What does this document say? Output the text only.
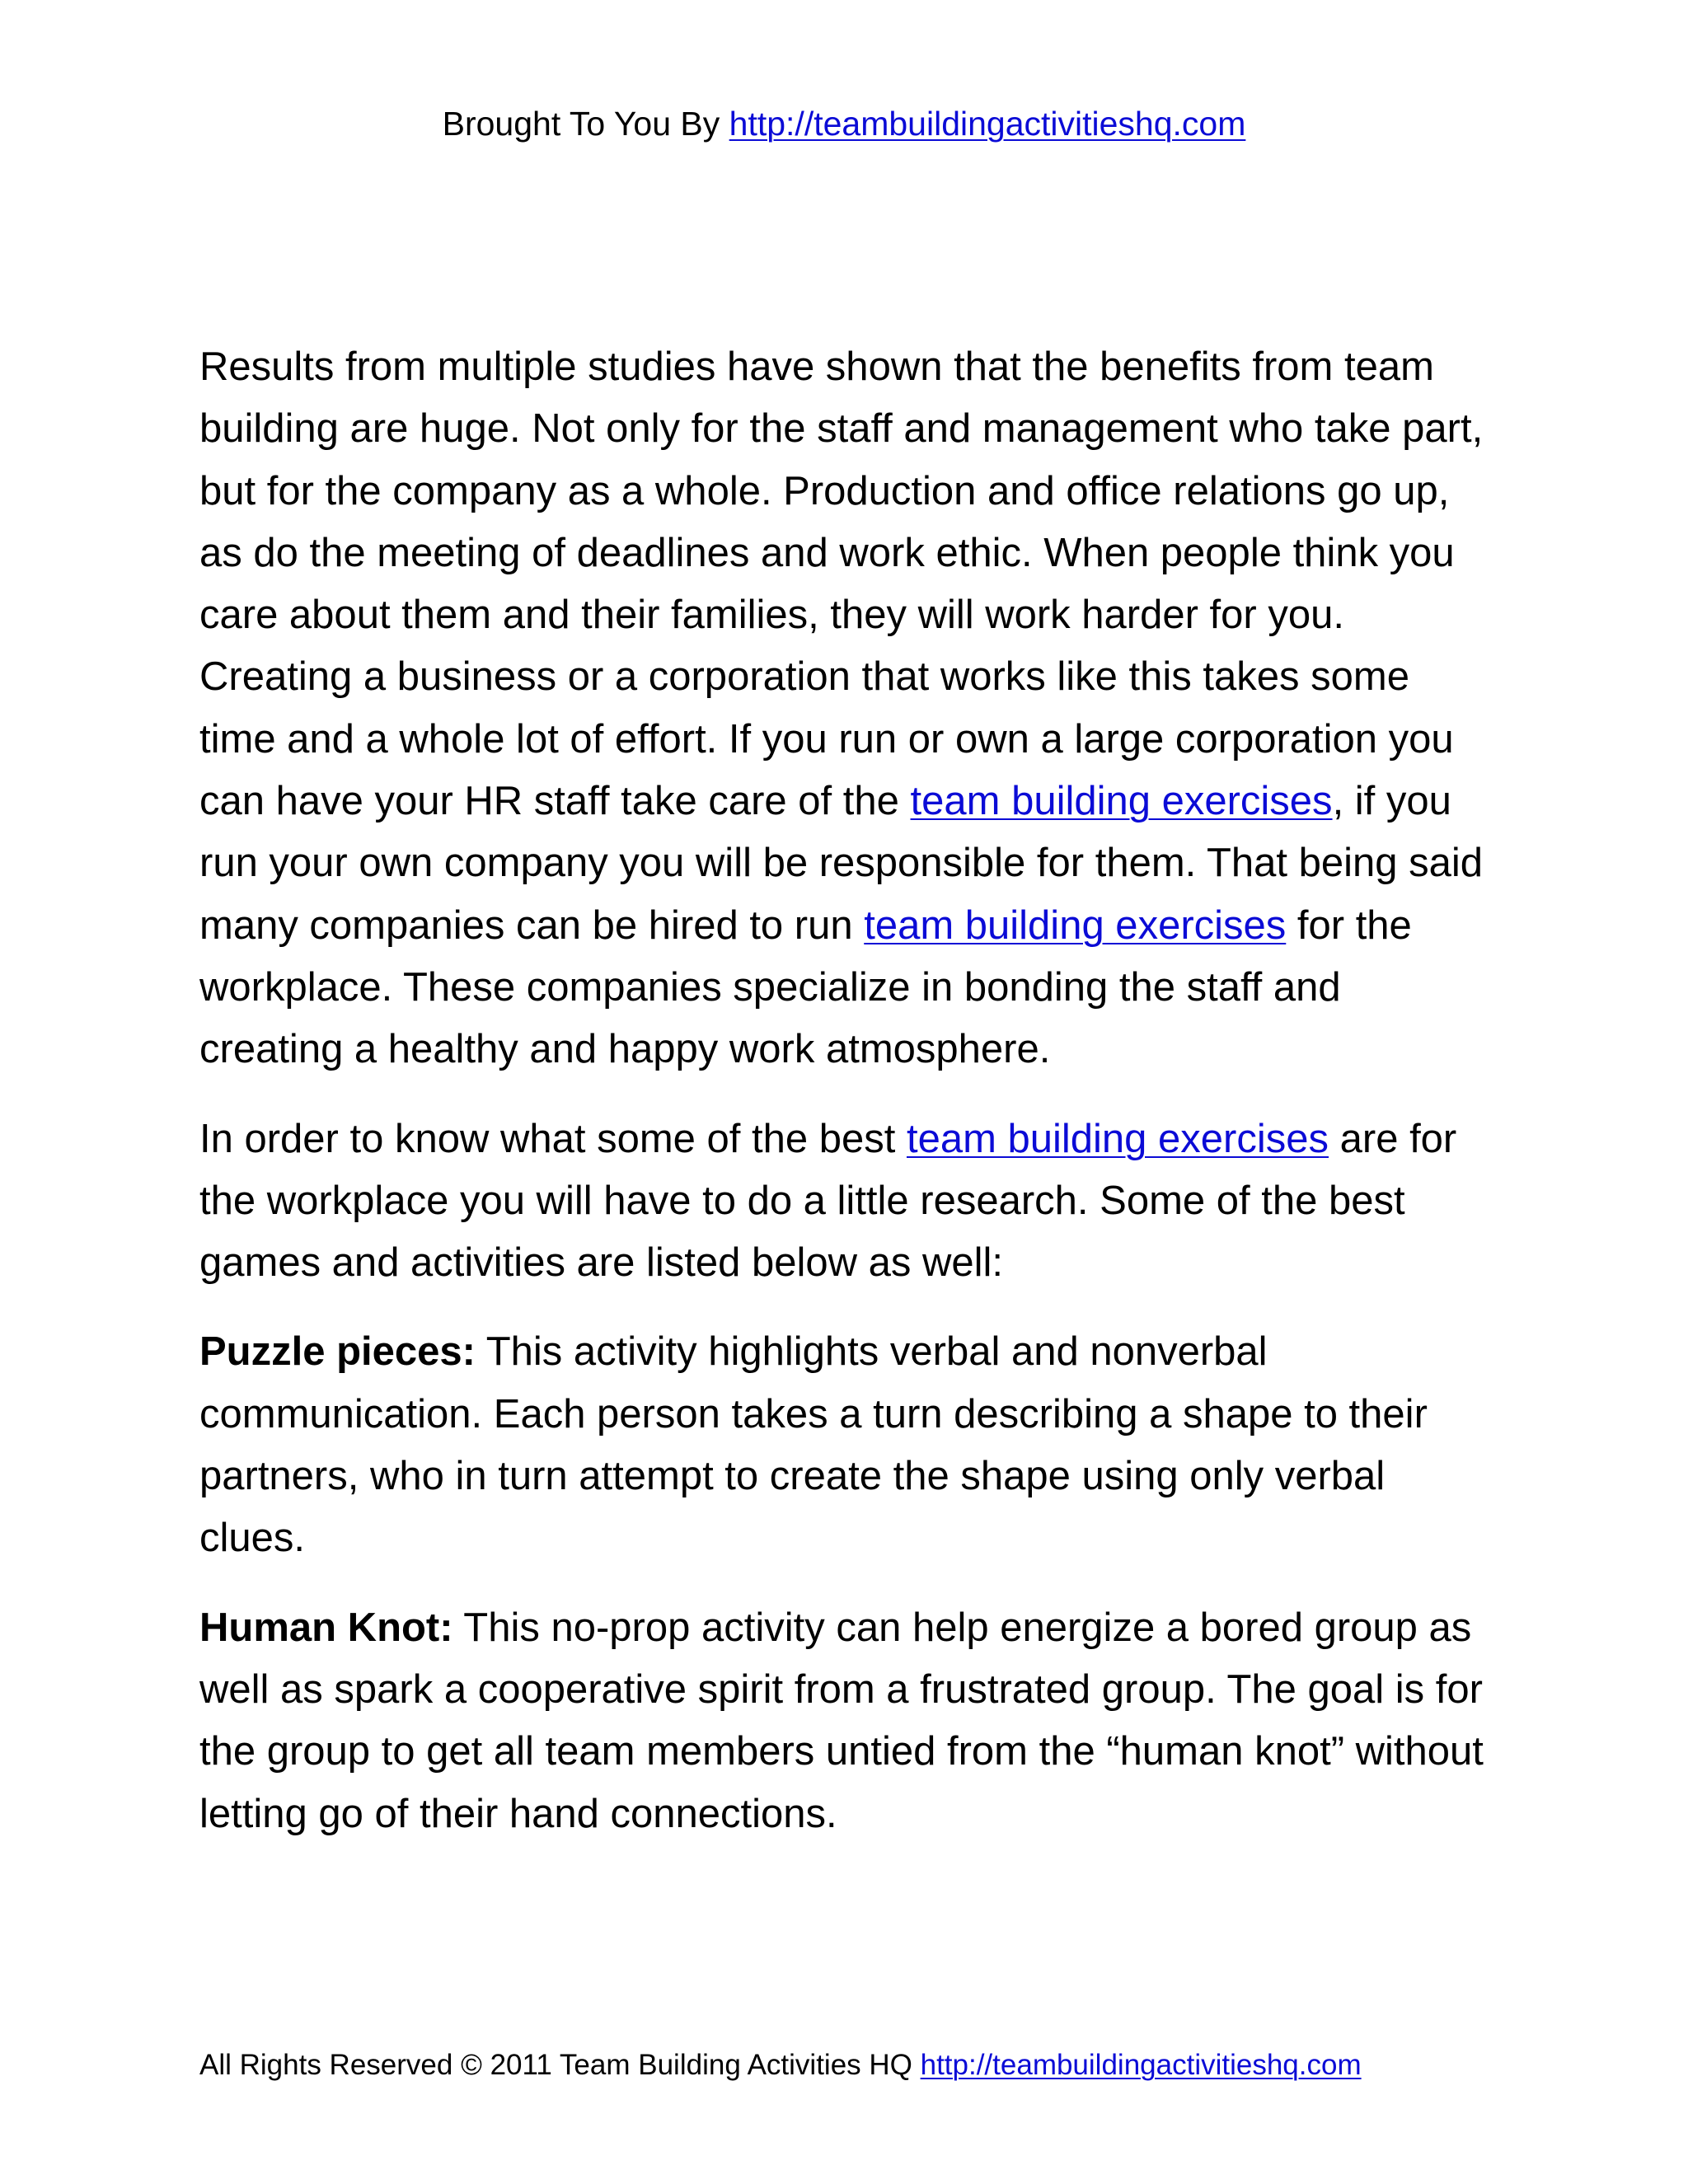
Brought To You By http://teambuildingactivitieshq.com

Results from multiple studies have shown that the benefits from team building are huge. Not only for the staff and management who take part, but for the company as a whole. Production and office relations go up, as do the meeting of deadlines and work ethic. When people think you care about them and their families, they will work harder for you. Creating a business or a corporation that works like this takes some time and a whole lot of effort. If you run or own a large corporation you can have your HR staff take care of the team building exercises, if you run your own company you will be responsible for them. That being said many companies can be hired to run team building exercises for the workplace. These companies specialize in bonding the staff and creating a healthy and happy work atmosphere.

In order to know what some of the best team building exercises are for the workplace you will have to do a little research. Some of the best games and activities are listed below as well:

Puzzle pieces: This activity highlights verbal and nonverbal communication. Each person takes a turn describing a shape to their partners, who in turn attempt to create the shape using only verbal clues.

Human Knot: This no-prop activity can help energize a bored group as well as spark a cooperative spirit from a frustrated group. The goal is for the group to get all team members untied from the “human knot” without letting go of their hand connections.

All Rights Reserved © 2011 Team Building Activities HQ http://teambuildingactivitieshq.com
